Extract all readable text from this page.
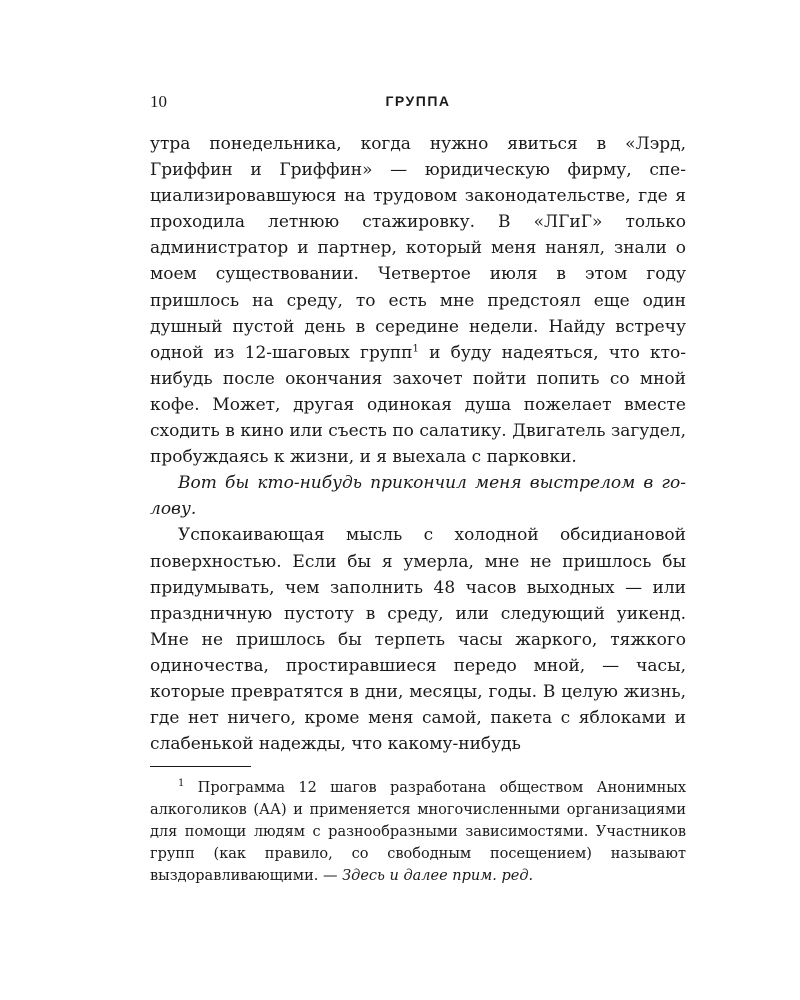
10	ГРУППА

утра понедельника, когда нужно явиться в «Лэрд, Гриффин и Гриффин» — юридическую фирму, специализировавшуюся на трудовом законодательстве, где я проходила летнюю стажировку. В «ЛГиГ» только администратор и партнер, который меня нанял, знали о моем существовании. Четвертое июля в этом году пришлось на среду, то есть мне предстоял еще один душный пустой день в середине недели. Найду встречу одной из 12-шаговых групп$^1$ и буду надеяться, что кто-нибудь после окончания захочет пойти попить со мной кофе. Может, другая одинокая душа пожелает вместе сходить в кино или съесть по салатику. Двигатель загудел, пробуждаясь к жизни, и я выехала с парковки.

Вот бы кто-нибудь прикончил меня выстрелом в голову.

Успокаивающая мысль с холодной обсидиановой поверхностью. Если бы я умерла, мне не пришлось бы придумывать, чем заполнить 48 часов выходных — или праздничную пустоту в среду, или следующий уикенд. Мне не пришлось бы терпеть часы жаркого, тяжкого одиночества, простиравшиеся передо мной, — часы, которые превратятся в дни, месяцы, годы. В целую жизнь, где нет ничего, кроме меня самой, пакета с яблоками и слабенькой надежды, что какому-нибудь

$^1$ Программа 12 шагов разработана обществом Анонимных алкоголиков (АА) и применяется многочисленными организациями для помощи людям с разнообразными зависимостями. Участников групп (как правило, со свободным посещением) называют выздоравливающими. — Здесь и далее прим. ред.
